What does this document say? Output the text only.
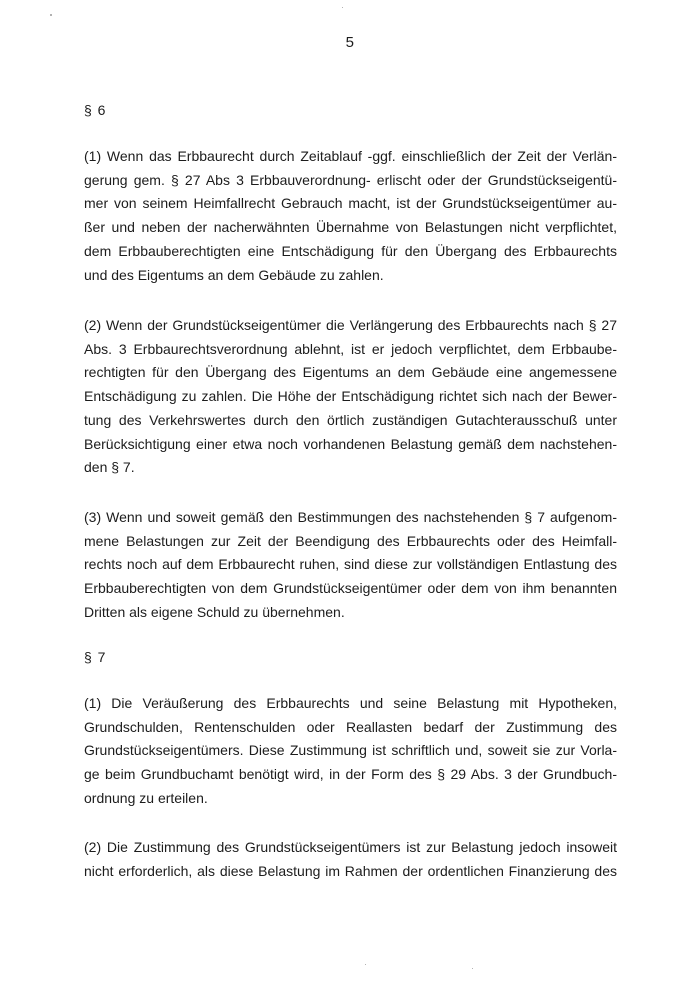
5
§ 6
(1) Wenn das Erbbaurecht durch Zeitablauf -ggf. einschließlich der Zeit der Verlän-
gerung gem. § 27 Abs 3 Erbbauverordnung- erlischt oder der Grundstückseigentü-
mer von seinem Heimfallrecht Gebrauch macht, ist der Grundstückseigentümer au-
ßer und neben der nacherwähnten Übernahme von Belastungen nicht verpflichtet,
dem Erbbauberechtigten eine Entschädigung für den Übergang des Erbbaurechts
und des Eigentums an dem Gebäude zu zahlen.
(2) Wenn der Grundstückseigentümer die Verlängerung des Erbbaurechts nach § 27
Abs. 3 Erbbaurechtsverordnung ablehnt, ist er jedoch verpflichtet, dem Erbbaube-
rechtigten für den Übergang des Eigentums an dem Gebäude eine angemessene
Entschädigung zu zahlen. Die Höhe der Entschädigung richtet sich nach der Bewer-
tung des Verkehrswertes durch den örtlich zuständigen Gutachterausschuß unter
Berücksichtigung einer etwa noch vorhandenen Belastung gemäß dem nachstehen-
den § 7.
(3) Wenn und soweit gemäß den Bestimmungen des nachstehenden § 7 aufgenom-
mene Belastungen zur Zeit der Beendigung des Erbbaurechts oder des Heimfall-
rechts noch auf dem Erbbaurecht ruhen, sind diese zur vollständigen Entlastung des
Erbbauberechtigten von dem Grundstückseigentümer oder dem von ihm benannten
Dritten als eigene Schuld zu übernehmen.
§ 7
(1) Die Veräußerung des Erbbaurechts und seine Belastung mit Hypotheken,
Grundschulden, Rentenschulden oder Reallasten bedarf der Zustimmung des
Grundstückseigentümers. Diese Zustimmung ist schriftlich und, soweit sie zur Vorla-
ge beim Grundbuchamt benötigt wird, in der Form des § 29 Abs. 3 der Grundbuch-
ordnung zu erteilen.
(2) Die Zustimmung des Grundstückseigentümers ist zur Belastung jedoch insoweit
nicht erforderlich, als diese Belastung im Rahmen der ordentlichen Finanzierung des
